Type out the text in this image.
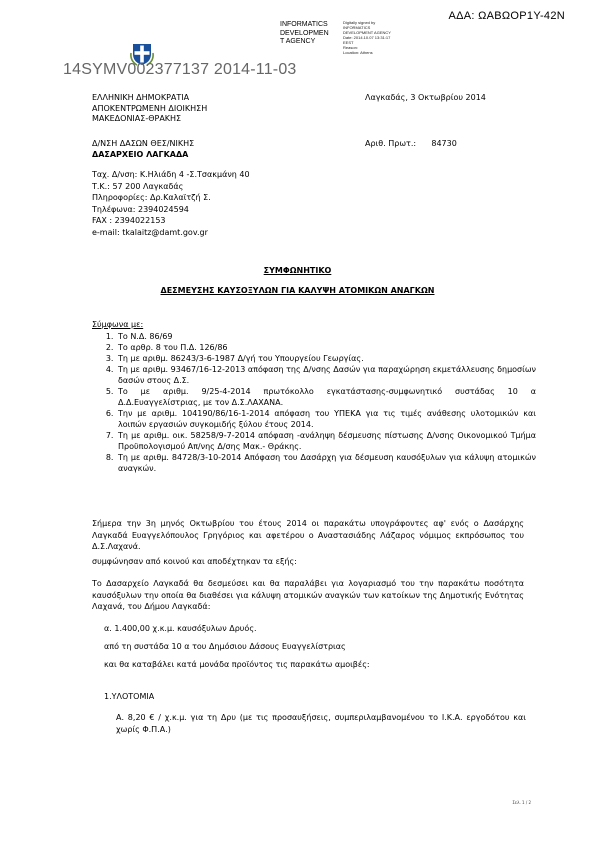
ΑΔΑ: ΩΑΒΩΟΡ1Υ-42Ν
INFORMATICS
DEVELOPMEN
T AGENCY
Digitally signed by
INFORMATICS
DEVELOPMENT AGENCY
Date: 2014.10.07 13:31:17
EEST
Reason:
Location: Athens
14SYMV002377137 2014-11-03
ΕΛΛΗΝΙΚΗ ΔΗΜΟΚΡΑΤΙΑ
ΑΠΟΚΕΝΤΡΩΜΕΝΗ ΔΙΟΙΚΗΣΗ
ΜΑΚΕΔΟΝΙΑΣ-ΘΡΑΚΗΣ
Λαγκαδάς, 3 Οκτωβρίου 2014
Δ/ΝΣΗ ΔΑΣΩΝ ΘΕΣ/ΝΙΚΗΣ
ΔΑΣΑΡΧΕΙΟ ΛΑΓΚΑΔΑ
Αριθ. Πρωτ.: 84730
Ταχ. Δ/νση: Κ.Ηλιάδη 4 -Σ.Τσακμάνη 40
Τ.Κ.: 57 200 Λαγκαδάς
Πληροφορίες: Δρ.Καλαϊτζή Σ.
Τηλέφωνα: 2394024594
FAX : 2394022153
e-mail: tkalaitz@damt.gov.gr
ΣΥΜΦΩΝΗΤΙΚΟ
ΔΕΣΜΕΥΣΗΣ ΚΑΥΣΟΞΥΛΩΝ ΓΙΑ ΚΑΛΥΨΗ ΑΤΟΜΙΚΩΝ ΑΝΑΓΚΩΝ
Σύμφωνα με:
1. Το Ν.Δ. 86/69
2. Το αρθρ. 8 του Π.Δ. 126/86
3. Τη με αριθμ. 86243/3-6-1987 Δ/γή του Υπουργείου Γεωργίας.
4. Τη με αριθμ. 93467/16-12-2013 απόφαση της Δ/νσης Δασών για παραχώρηση εκμετάλλευσης δημοσίων δασών στους Δ.Σ.
5. Το με αριθμ. 9/25-4-2014 πρωτόκολλο εγκατάστασης-συμφωνητικό συστάδας 10 α Δ.Δ.Ευαγγελίστριας, με τον Δ.Σ.ΛΑΧΑΝΑ.
6. Την με αριθμ. 104190/86/16-1-2014 απόφαση του ΥΠΕΚΑ για τις τιμές ανάθεσης υλοτομικών και λοιπών εργασιών συγκομιδής ξύλου έτους 2014.
7. Τη με αριθμ. οικ. 58258/9-7-2014 απόφαση -ανάληψη δέσμευσης πίστωσης Δ/νσης Οικονομικού Τμήμα Προϋπολογισμού Απ/νης Δ/σης Μακ.- Θράκης.
8. Τη με αριθμ. 84728/3-10-2014 Απόφαση του Δασάρχη για δέσμευση καυσόξυλων για κάλυψη ατομικών αναγκών.
Σήμερα την 3η μηνός Οκτωβρίου του έτους 2014 οι παρακάτω υπογράφοντες αφ' ενός ο Δασάρχης Λαγκαδά Ευαγγελόπουλος Γρηγόριος και αφετέρου ο Αναστασιάδης Λάζαρος νόμιμος εκπρόσωπος του Δ.Σ.Λαχανά.
συμφώνησαν από κοινού και αποδέχτηκαν τα εξής:
Το Δασαρχείο Λαγκαδά θα δεσμεύσει και θα παραλάβει για λογαριασμό του την παρακάτω ποσότητα καυσόξυλων την οποία θα διαθέσει για κάλυψη ατομικών αναγκών των κατοίκων της Δημοτικής Ενότητας Λαχανά, του Δήμου Λαγκαδά:
α. 1.400,00 χ.κ.μ. καυσόξυλων Δρυός.
από τη συστάδα 10 α του Δημόσιου Δάσους Ευαγγελίστριας
και θα καταβάλει κατά μονάδα προϊόντος τις παρακάτω αμοιβές:
1.ΥΛΟΤΟΜΙΑ
Α. 8,20 € / χ.κ.μ. για τη Δρυ (με τις προσαυξήσεις, συμπεριλαμβανομένου το Ι.Κ.Α. εργοδότου και χωρίς Φ.Π.Α.)
Σελ. 1 / 2
